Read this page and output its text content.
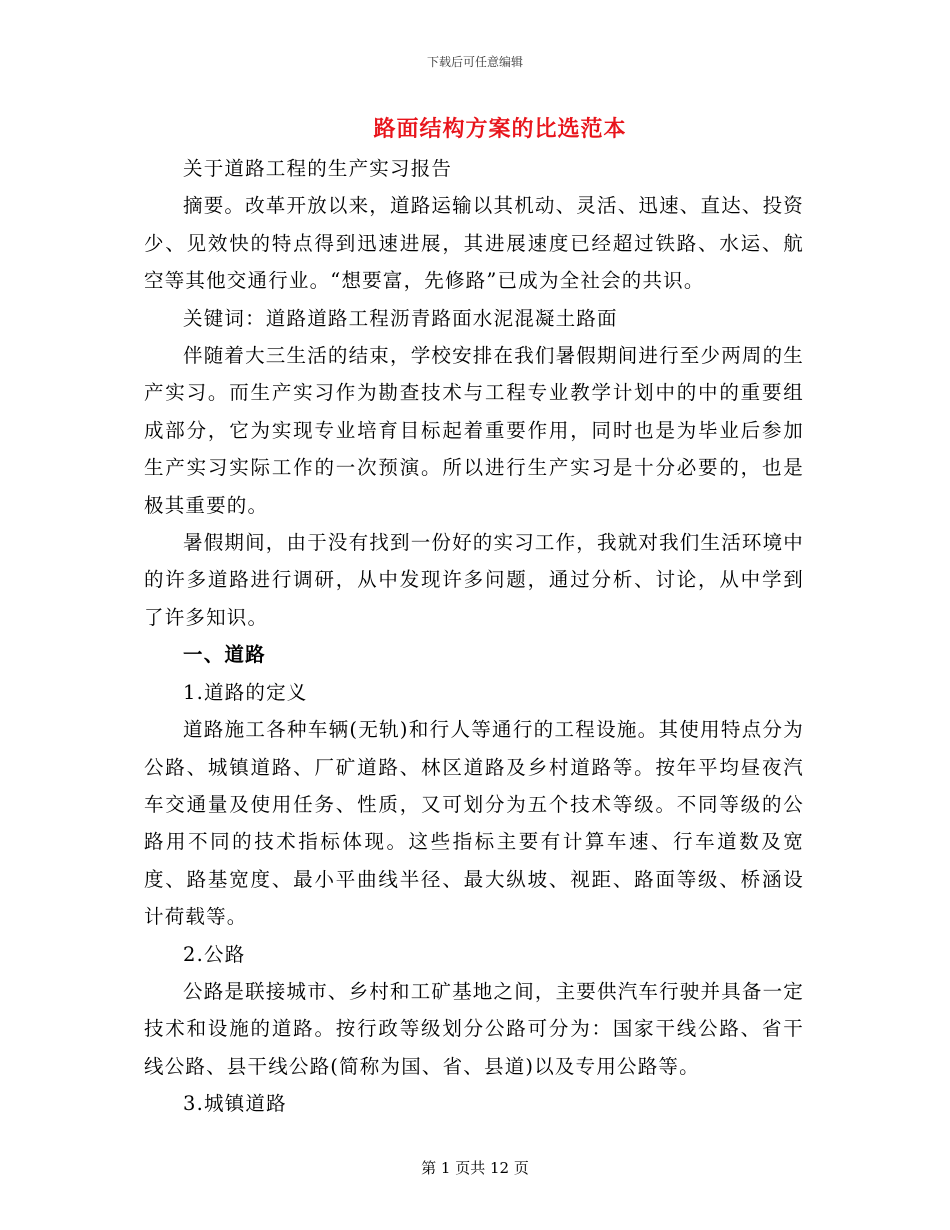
下载后可任意编辑
路面结构方案的比选范本

关于道路工程的生产实习报告

摘要。改革开放以来，道路运输以其机动、灵活、迅速、直达、投资少、见效快的特点得到迅速进展，其进展速度已经超过铁路、水运、航空等其他交通行业。“想要富，先修路”已成为全社会的共识。

关键词：道路道路工程沥青路面水泥混凝土路面

伴随着大三生活的结束，学校安排在我们暑假期间进行至少两周的生产实习。而生产实习作为勘查技术与工程专业教学计划中的中的重要组成部分，它为实现专业培育目标起着重要作用，同时也是为毕业后参加生产实习实际工作的一次预演。所以进行生产实习是十分必要的，也是极其重要的。

暑假期间，由于没有找到一份好的实习工作，我就对我们生活环境中的许多道路进行调研，从中发现许多问题，通过分析、讨论，从中学到了许多知识。

一、道路

1.道路的定义

道路施工各种车辆(无轨)和行人等通行的工程设施。其使用特点分为公路、城镇道路、厂矿道路、林区道路及乡村道路等。按年平均昼夜汽车交通量及使用任务、性质，又可划分为五个技术等级。不同等级的公路用不同的技术指标体现。这些指标主要有计算车速、行车道数及宽度、路基宽度、最小平曲线半径、最大纵坡、视距、路面等级、桥涵设计荷载等。

2.公路

公路是联接城市、乡村和工矿基地之间，主要供汽车行驶并具备一定技术和设施的道路。按行政等级划分公路可分为：国家干线公路、省干线公路、县干线公路(简称为国、省、县道)以及专用公路等。

3.城镇道路

第 1 页共 12 页
